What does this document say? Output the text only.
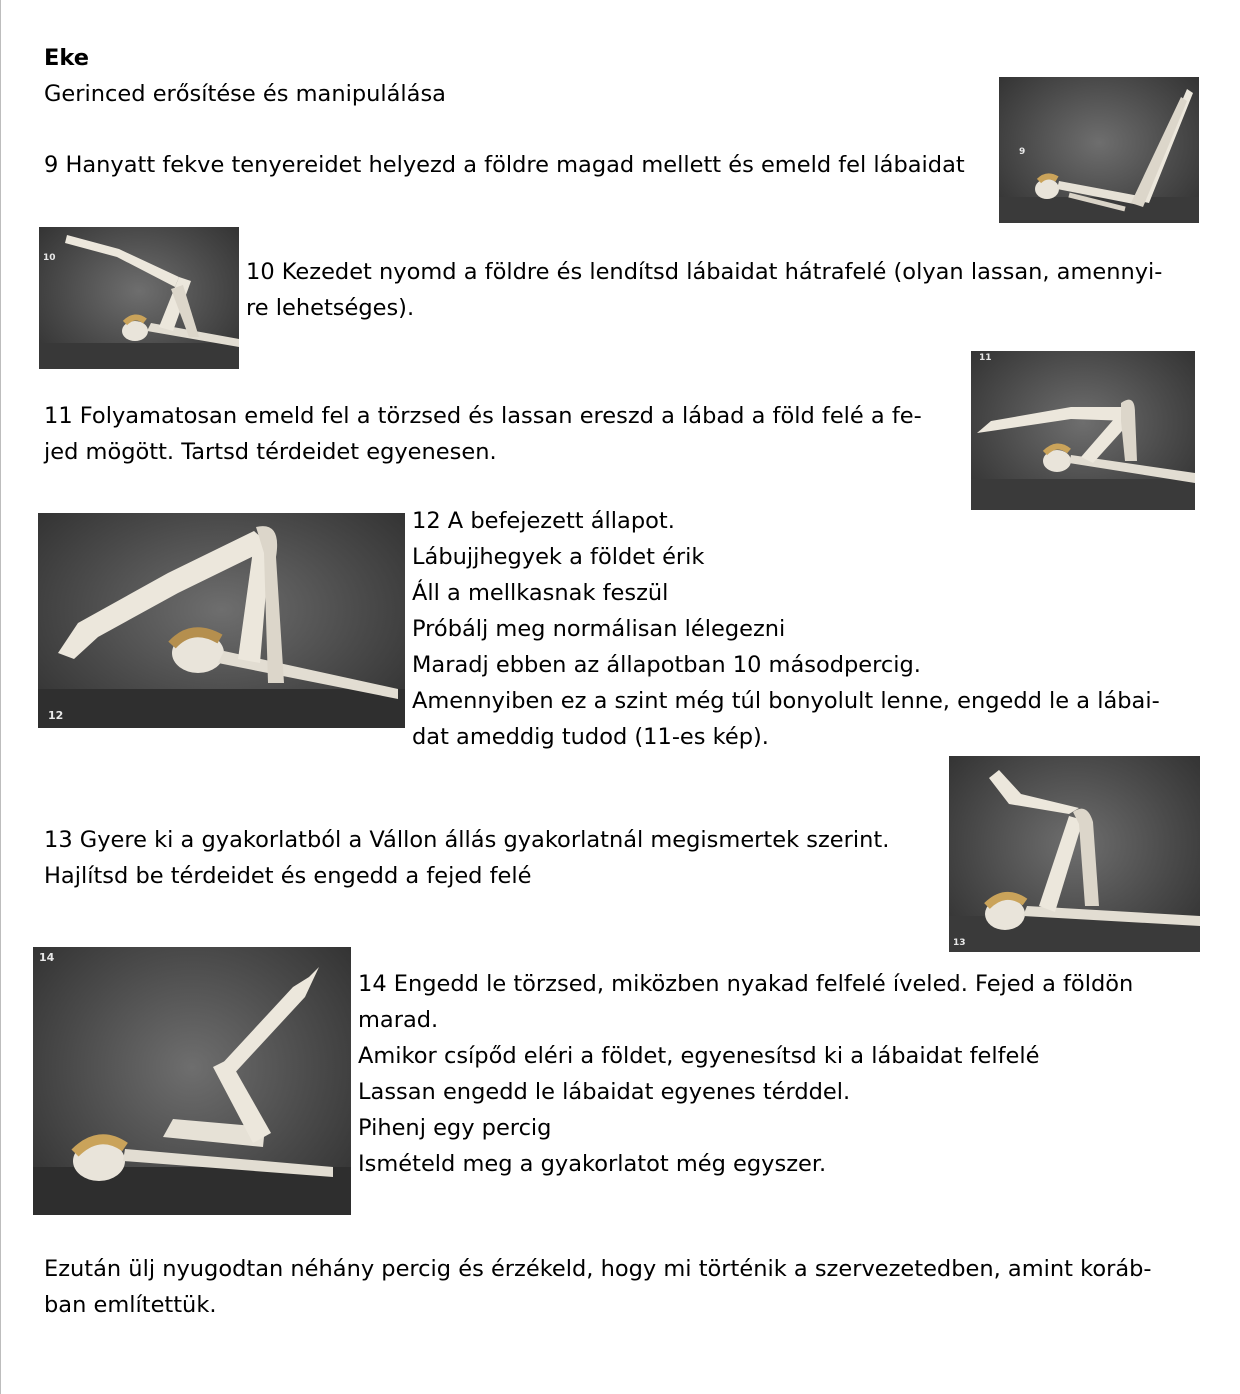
Eke
Gerinced erősítése és manipulálása
9 Hanyatt fekve tenyereidet helyezd a földre magad mellett és emeld fel lábaidat	9
10
10 Kezedet nyomd a földre és lendítsd lábaidat hátrafelé (olyan lassan, amennyi-
re lehetséges).
11
11 Folyamatosan emeld fel a törzsed és lassan ereszd a lábad a föld felé a fe-
jed mögött. Tartsd térdeidet egyenesen.
12
12 A befejezett állapot.
Lábujjhegyek a földet érik
Áll a mellkasnak feszül
Próbálj meg normálisan lélegezni
Maradj ebben az állapotban 10 másodpercig.
Amennyiben ez a szint még túl bonyolult lenne, engedd le a lábai-
dat ameddig tudod (11-es kép).
13
13 Gyere ki a gyakorlatból a Vállon állás gyakorlatnál megismertek szerint.
Hajlítsd be térdeidet és engedd a fejed felé
14
14 Engedd le törzsed, miközben nyakad felfelé íveled. Fejed a földön
marad.
Amikor csípőd eléri a földet, egyenesítsd ki a lábaidat felfelé
Lassan engedd le lábaidat egyenes térddel.
Pihenj egy percig
Ismételd meg a gyakorlatot még egyszer.
Ezután ülj nyugodtan néhány percig és érzékeld, hogy mi történik a szervezetedben, amint koráb-
ban említettük.
